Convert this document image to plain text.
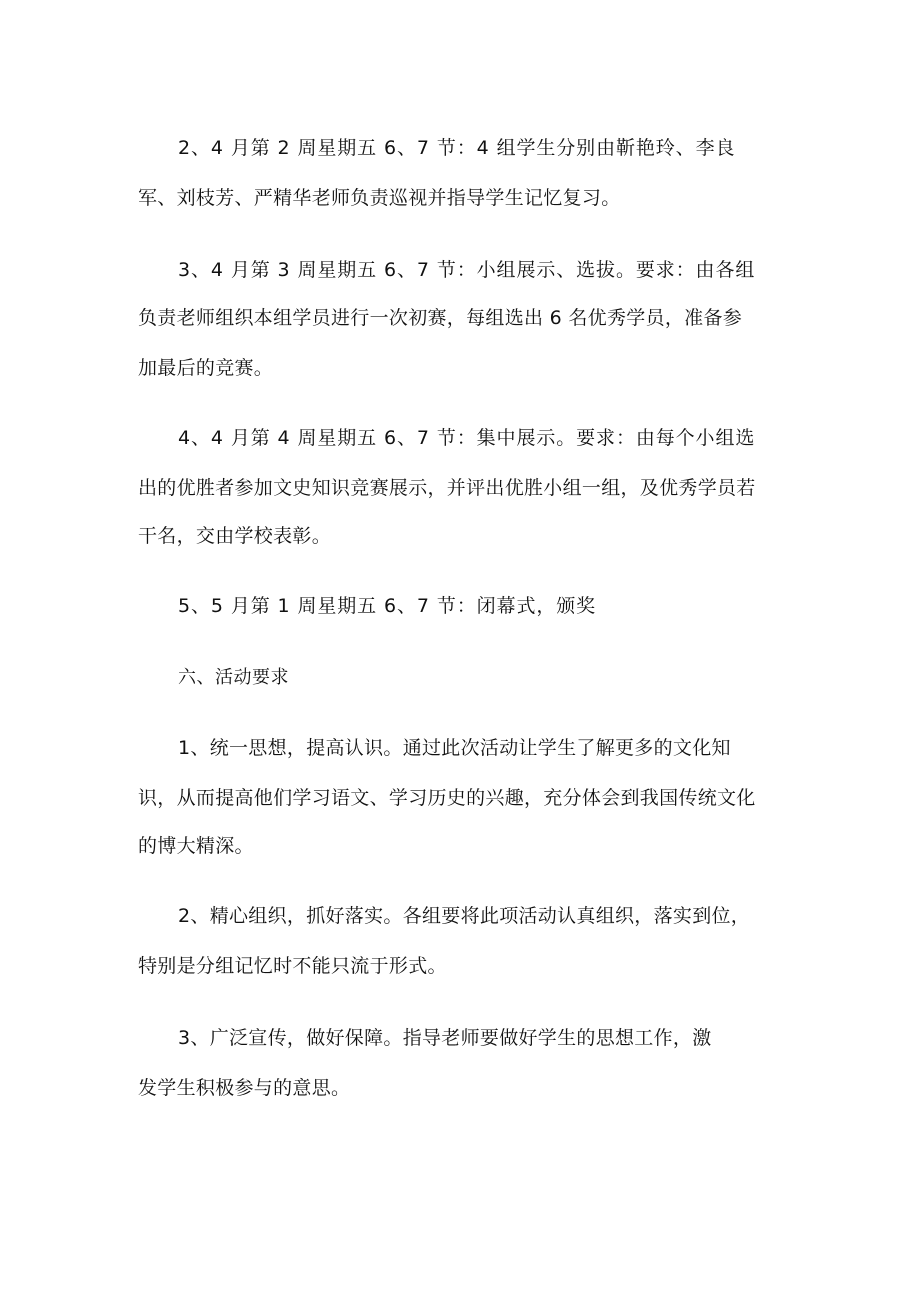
2、4 月第 2 周星期五 6、7 节：4 组学生分别由靳艳玲、李良
军、刘枝芳、严精华老师负责巡视并指导学生记忆复习。
3、4 月第 3 周星期五 6、7 节：小组展示、选拔。要求：由各组
负责老师组织本组学员进行一次初赛，每组选出 6 名优秀学员，准备参
加最后的竞赛。
4、4 月第 4 周星期五 6、7 节：集中展示。要求：由每个小组选
出的优胜者参加文史知识竞赛展示，并评出优胜小组一组，及优秀学员若
干名，交由学校表彰。
5、5 月第 1 周星期五 6、7 节：闭幕式，颁奖
六、活动要求
1、统一思想，提高认识。通过此次活动让学生了解更多的文化知
识，从而提高他们学习语文、学习历史的兴趣，充分体会到我国传统文化
的博大精深。
2、精心组织，抓好落实。各组要将此项活动认真组织，落实到位，
特别是分组记忆时不能只流于形式。
3、广泛宣传，做好保障。指导老师要做好学生的思想工作，激
发学生积极参与的意思。
